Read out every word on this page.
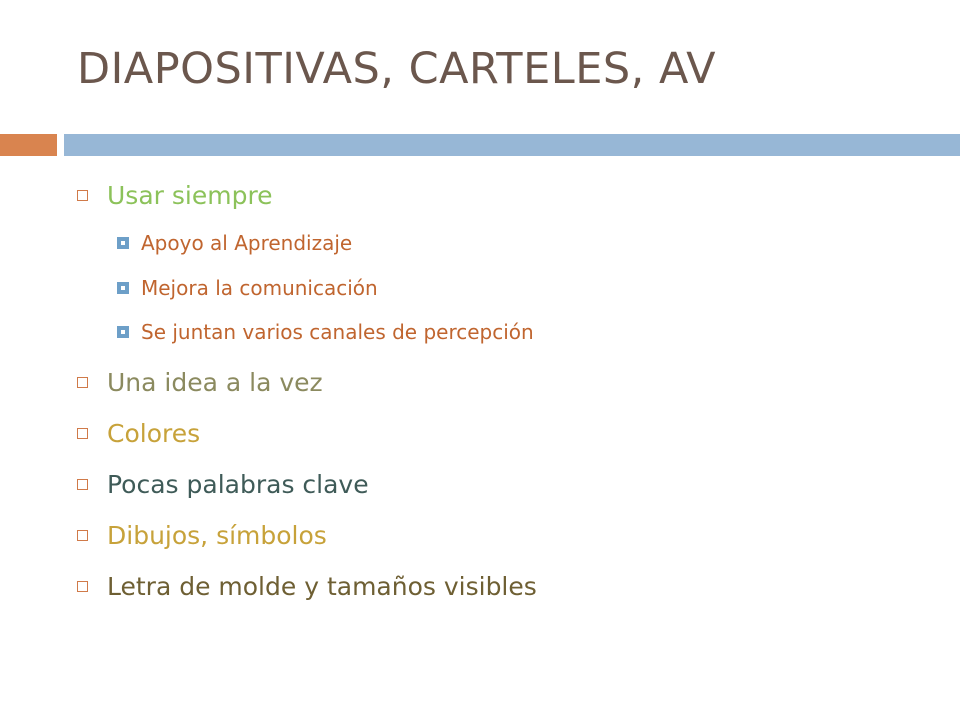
DIAPOSITIVAS, CARTELES, AV
Usar siempre
Apoyo al Aprendizaje
Mejora la comunicación
Se juntan varios canales de percepción
Una idea a la vez
Colores
Pocas palabras clave
Dibujos, símbolos
Letra de molde y tamaños visibles
